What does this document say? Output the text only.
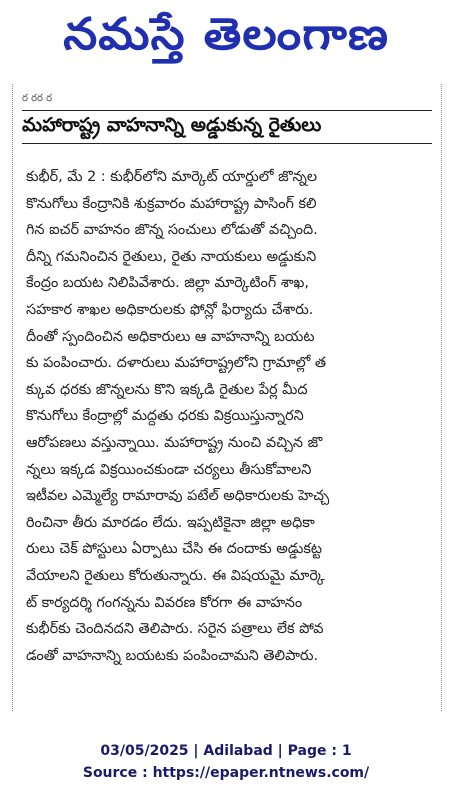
నమస్తే తెలంగాణ
ర రర ర
మహారాష్ట్ర వాహనాన్ని అడ్డుకున్న రైతులు
కుభీర్, మే 2 : కుభీర్‌లోని మార్కెట్ యార్డులో జొన్నల
కొనుగోలు కేంద్రానికి శుక్రవారం మహారాష్ట్ర పాసింగ్ కలి
గిన ఐచర్ వాహనం జొన్న సంచులు లోడుతో వచ్చింది.
దీన్ని గమనించిన రైతులు, రైతు నాయకులు అడ్డుకుని
కేంద్రం బయట నిలిపివేశారు. జిల్లా మార్కెటింగ్ శాఖ,
సహకార శాఖల అధికారులకు ఫోన్లో ఫిర్యాదు చేశారు.
దీంతో స్పందించిన అధికారులు ఆ వాహనాన్ని బయట
కు పంపించారు. దళారులు మహారాష్ట్రలోని గ్రామాల్లో త
క్కువ ధరకు జొన్నలను కొని ఇక్కడి రైతుల పేర్ల మీద
కొనుగోలు కేంద్రాల్లో మద్దతు ధరకు విక్రయిస్తున్నారని
ఆరోపణలు వస్తున్నాయి. మహారాష్ట్ర నుంచి వచ్చిన జొ
న్నలు ఇక్కడ విక్రయించకుండా చర్యలు తీసుకోవాలని
ఇటీవల ఎమ్మెల్యే రామారావు పటేల్ అధికారులకు హెచ్చ
రించినా తీరు మారడం లేదు. ఇప్పటికైనా జిల్లా అధికా
రులు చెక్ పోస్టులు ఏర్పాటు చేసి ఈ దందాకు అడ్డుకట్ట
వేయాలని రైతులు కోరుతున్నారు. ఈ విషయమై మార్కె
ట్ కార్యదర్శి గంగన్నను వివరణ కోరగా ఈ వాహనం
కుభీర్‌కు చెందినదని తెలిపారు. సరైన పత్రాలు లేక పోవ
డంతో వాహనాన్ని బయటకు పంపించామని తెలిపారు.
03/05/2025 | Adilabad | Page : 1
Source : https://epaper.ntnews.com/
